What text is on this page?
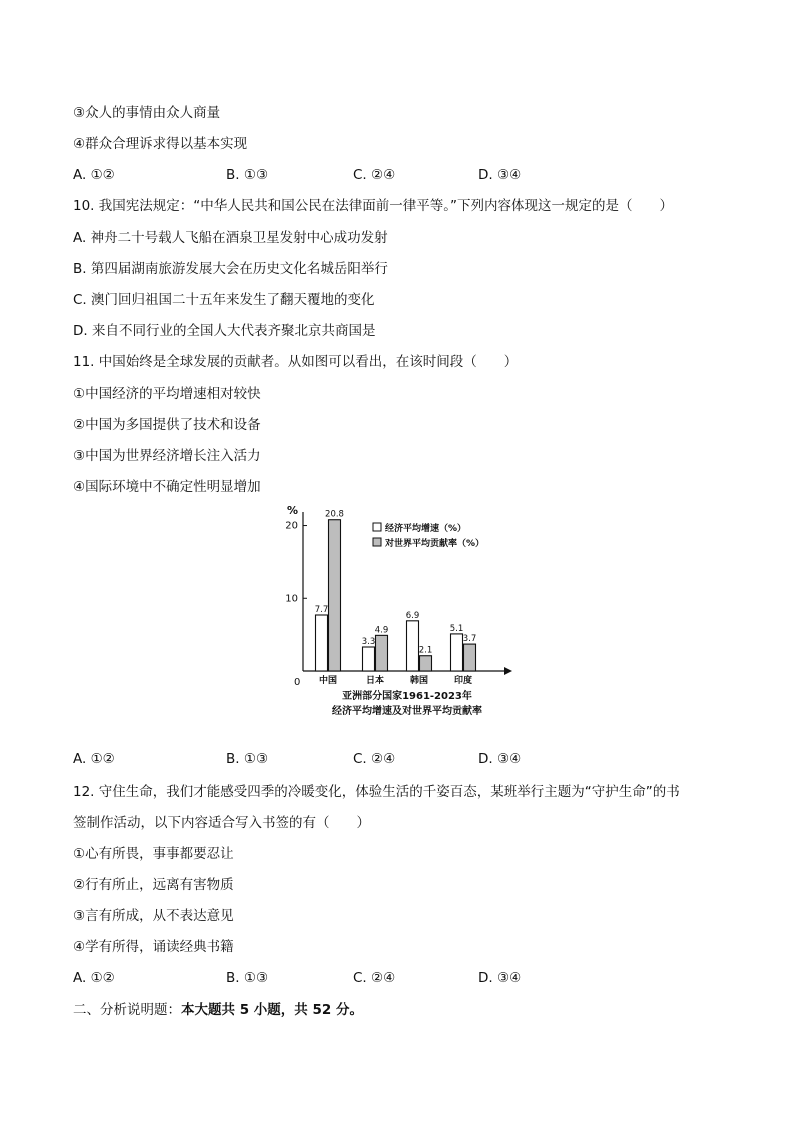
③众人的事情由众人商量
④群众合理诉求得以基本实现
A. ①②	B. ①③	C. ②④	D. ③④
10. 我国宪法规定：“中华人民共和国公民在法律面前一律平等。”下列内容体现这一规定的是（　　）
A. 神舟二十号载人飞船在酒泉卫星发射中心成功发射
B. 第四届湖南旅游发展大会在历史文化名城岳阳举行
C. 澳门回归祖国二十五年来发生了翻天覆地的变化
D. 来自不同行业的全国人大代表齐聚北京共商国是
11. 中国始终是全球发展的贡献者。从如图可以看出，在该时间段（　　）
①中国经济的平均增速相对较快
②中国为多国提供了技术和设备
③中国为世界经济增长注入活力
④国际环境中不确定性明显增加
%
0
10
20
7.7
20.8
中国
3.3
4.9
日本
6.9
2.1
韩国
5.1
3.7
印度
经济平均增速（%）
对世界平均贡献率（%）
亚洲部分国家1961-2023年
经济平均增速及对世界平均贡献率
A. ①②	B. ①③	C. ②④	D. ③④
12. 守住生命，我们才能感受四季的冷暖变化，体验生活的千姿百态，某班举行主题为“守护生命”的书
签制作活动，以下内容适合写入书签的有（　　）
①心有所畏，事事都要忍让
②行有所止，远离有害物质
③言有所成，从不表达意见
④学有所得，诵读经典书籍
A. ①②	B. ①③	C. ②④	D. ③④
二、分析说明题：本大题共 5 小题，共 52 分。
